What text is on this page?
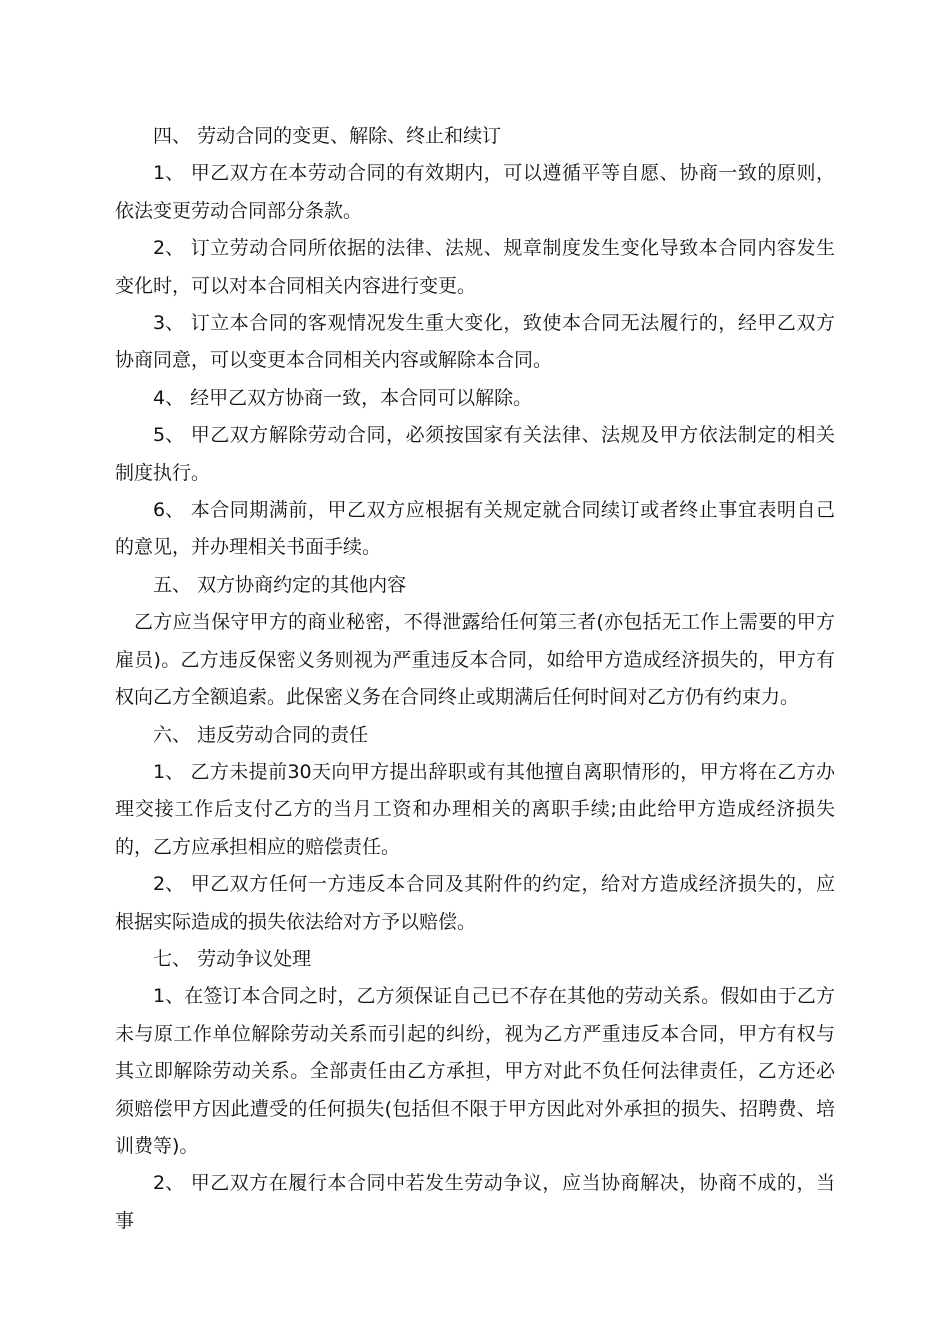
四、 劳动合同的变更、解除、终止和续订

1、 甲乙双方在本劳动合同的有效期内，可以遵循平等自愿、协商一致的原则，依法变更劳动合同部分条款。

2、 订立劳动合同所依据的法律、法规、规章制度发生变化导致本合同内容发生变化时，可以对本合同相关内容进行变更。

3、 订立本合同的客观情况发生重大变化，致使本合同无法履行的，经甲乙双方协商同意，可以变更本合同相关内容或解除本合同。

4、 经甲乙双方协商一致，本合同可以解除。

5、 甲乙双方解除劳动合同，必须按国家有关法律、法规及甲方依法制定的相关制度执行。

6、 本合同期满前，甲乙双方应根据有关规定就合同续订或者终止事宜表明自己的意见，并办理相关书面手续。

五、 双方协商约定的其他内容

乙方应当保守甲方的商业秘密，不得泄露给任何第三者(亦包括无工作上需要的甲方雇员)。乙方违反保密义务则视为严重违反本合同，如给甲方造成经济损失的，甲方有权向乙方全额追索。此保密义务在合同终止或期满后任何时间对乙方仍有约束力。

六、 违反劳动合同的责任

1、 乙方未提前30天向甲方提出辞职或有其他擅自离职情形的，甲方将在乙方办理交接工作后支付乙方的当月工资和办理相关的离职手续;由此给甲方造成经济损失的，乙方应承担相应的赔偿责任。

2、 甲乙双方任何一方违反本合同及其附件的约定，给对方造成经济损失的，应根据实际造成的损失依法给对方予以赔偿。

七、 劳动争议处理

1、在签订本合同之时，乙方须保证自己已不存在其他的劳动关系。假如由于乙方未与原工作单位解除劳动关系而引起的纠纷，视为乙方严重违反本合同，甲方有权与其立即解除劳动关系。全部责任由乙方承担，甲方对此不负任何法律责任，乙方还必须赔偿甲方因此遭受的任何损失(包括但不限于甲方因此对外承担的损失、招聘费、培训费等)。

2、 甲乙双方在履行本合同中若发生劳动争议，应当协商解决，协商不成的，当事
